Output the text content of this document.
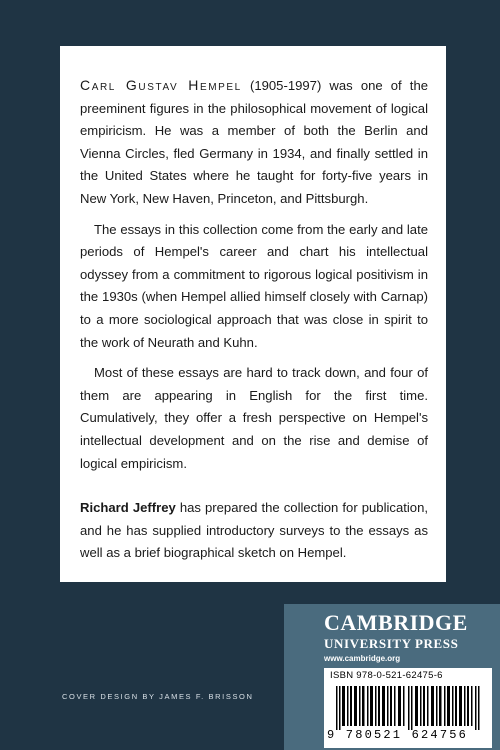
Carl Gustav Hempel (1905-1997) was one of the preeminent figures in the philosophical movement of logical empiricism. He was a member of both the Berlin and Vienna Circles, fled Germany in 1934, and finally settled in the United States where he taught for forty-five years in New York, New Haven, Princeton, and Pittsburgh.

The essays in this collection come from the early and late periods of Hempel's career and chart his intellectual odyssey from a commitment to rigorous logical positivism in the 1930s (when Hempel allied himself closely with Carnap) to a more sociological approach that was close in spirit to the work of Neurath and Kuhn.

Most of these essays are hard to track down, and four of them are appearing in English for the first time. Cumulatively, they offer a fresh perspective on Hempel's intellectual development and on the rise and demise of logical empiricism.

Richard Jeffrey has prepared the collection for publication, and he has supplied introductory surveys to the essays as well as a brief biographical sketch on Hempel.

CAMBRIDGE
UNIVERSITY PRESS
www.cambridge.org
ISBN 978-0-521-62475-6
9 780521 624756
COVER DESIGN BY JAMES F. BRISSON
